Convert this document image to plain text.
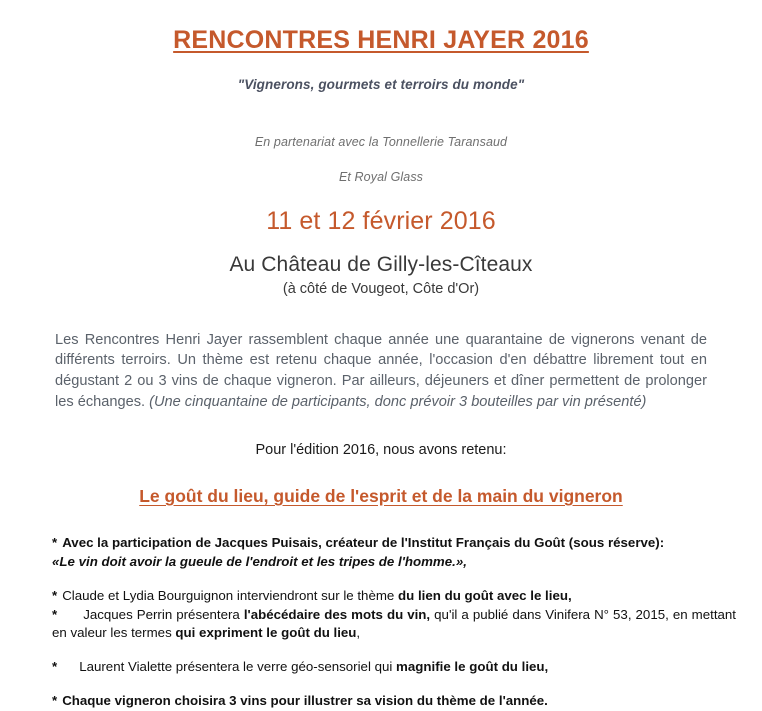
RENCONTRES HENRI JAYER 2016

"Vignerons, gourmets et terroirs du monde"

En partenariat avec la Tonnellerie Taransaud

Et Royal Glass

11 et 12 février 2016

Au Château de Gilly-les-Cîteaux

(à côté de Vougeot, Côte d'Or)

Les Rencontres Henri Jayer rassemblent chaque année une quarantaine de vignerons venant de différents terroirs. Un thème est retenu chaque année, l'occasion d'en débattre librement tout en dégustant 2 ou 3 vins de chaque vigneron. Par ailleurs, déjeuners et dîner permettent de prolonger les échanges. (Une cinquantaine de participants, donc prévoir 3 bouteilles par vin présenté)

Pour l'édition 2016, nous avons retenu:

Le goût du lieu, guide de l'esprit et de la main du vigneron

* Avec la participation de Jacques Puisais, créateur de l'Institut Français du Goût (sous réserve):
«Le vin doit avoir la gueule de l'endroit et les tripes de l'homme.»,

* Claude et Lydia Bourguignon interviendront sur le thème du lien du goût avec le lieu,

* Jacques Perrin présentera l'abécédaire des mots du vin, qu'il a publié dans Vinifera N° 53, 2015, en mettant en valeur les termes qui expriment le goût du lieu,

* Laurent Vialette présentera le verre géo-sensoriel qui magnifie le goût du lieu,

* Chaque vigneron choisira 3 vins pour illustrer sa vision du thème de l'année.
